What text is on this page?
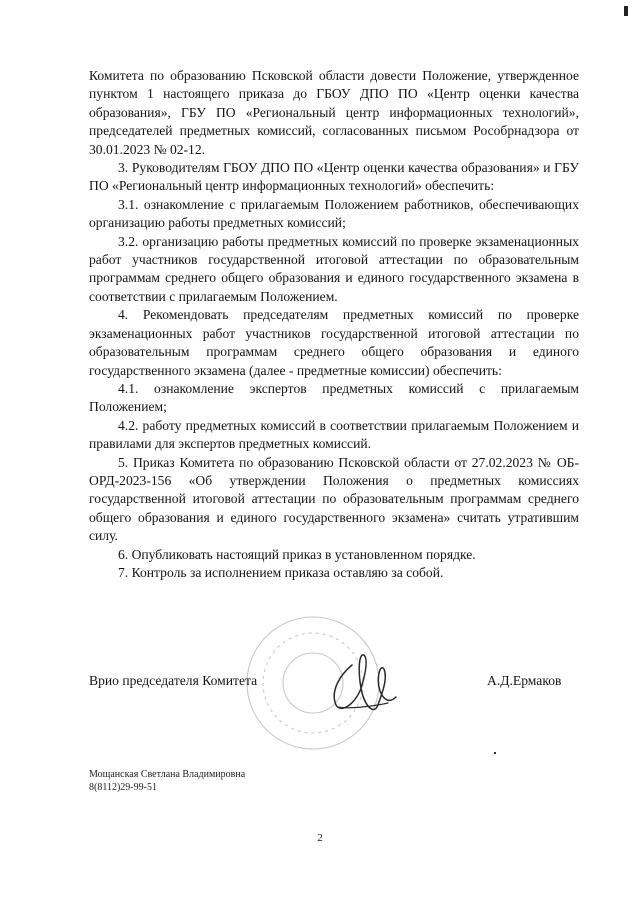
Комитета по образованию Псковской области довести Положение, утвержденное пунктом 1 настоящего приказа до ГБОУ ДПО ПО «Центр оценки качества образования», ГБУ ПО «Региональный центр информационных технологий», председателей предметных комиссий, согласованных письмом Рособрнадзора от 30.01.2023 № 02-12.

3. Руководителям ГБОУ ДПО ПО «Центр оценки качества образования» и ГБУ ПО «Региональный центр информационных технологий» обеспечить:

3.1. ознакомление с прилагаемым Положением работников, обеспечивающих организацию работы предметных комиссий;

3.2. организацию работы предметных комиссий по проверке экзаменационных работ участников государственной итоговой аттестации по образовательным программам среднего общего образования и единого государственного экзамена в соответствии с прилагаемым Положением.

4. Рекомендовать председателям предметных комиссий по проверке экзаменационных работ участников государственной итоговой аттестации по образовательным программам среднего общего образования и единого государственного экзамена (далее - предметные комиссии) обеспечить:

4.1. ознакомление экспертов предметных комиссий с прилагаемым Положением;

4.2. работу предметных комиссий в соответствии прилагаемым Положением и правилами для экспертов предметных комиссий.

5. Приказ Комитета по образованию Псковской области от 27.02.2023 № ОБ-ОРД-2023-156 «Об утверждении Положения о предметных комиссиях государственной итоговой аттестации по образовательным программам среднего общего образования и единого государственного экзамена» считать утратившим силу.

6. Опубликовать настоящий приказ в установленном порядке.

7. Контроль за исполнением приказа оставляю за собой.

Врио председателя Комитета	А.Д.Ермаков
Мощанская Светлана Владимировна
8(8112)29-99-51
2
